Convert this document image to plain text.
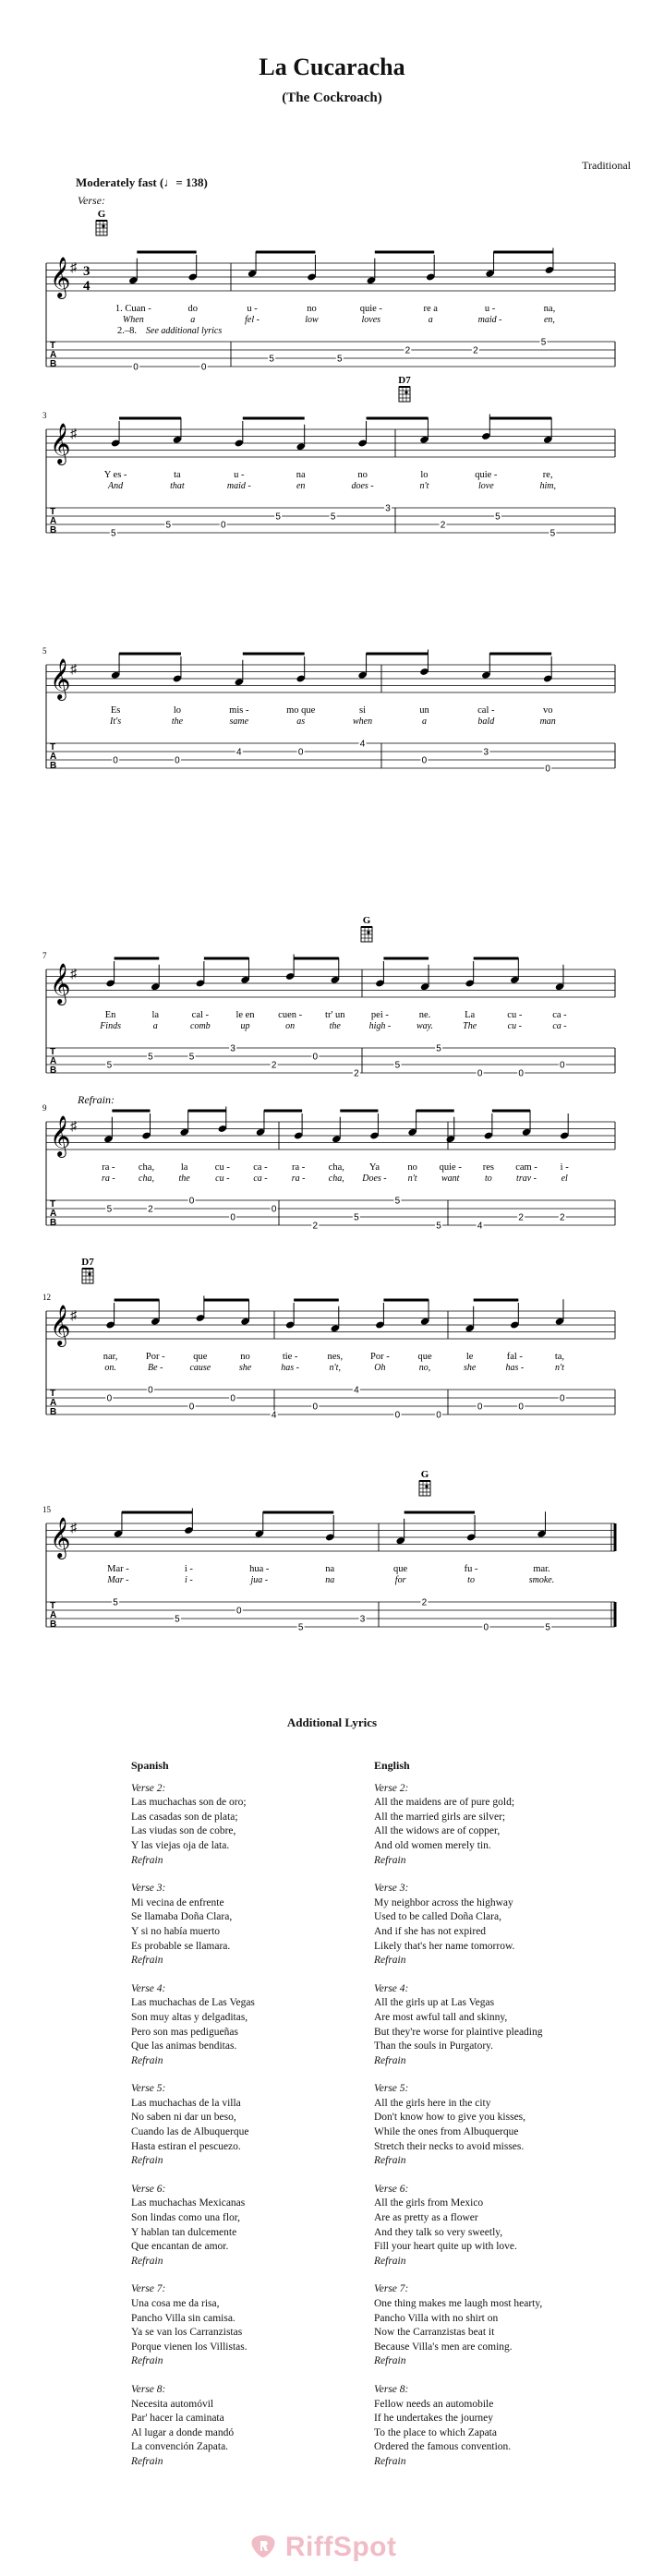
La Cucaracha
(The Cockroach)
Traditional
Moderately fast (♩= 138)
Verse:
𝄞 ♯ 3
4
T
A
B
G
1. Cuan -	do	u -	no	quie -	re a	u -	na,
When	a	fel -	low	loves	a	maid -	en,
2.–8. See additional lyrics
0	0
5	5
2	2
5
𝄞 ♯
T
A
B
3
D7
Y es -	ta	u -	na	no	lo	quie -	re,
And	that	maid -	en	does -	n't	love	him,
5
5	0
5	5
3
2
5
5
𝄞 ♯
T
A
B
5
Es	lo	mis -	mo que	si	un	cal -	vo
It's	the	same	as	when	a	bald	man
0	0
4	0
4
0
3
0
𝄞 ♯
T
A
B
7
G
En	la	cal -	le en cuen - tr' un	pei -	ne.	La	cu -	ca -
Finds	a	comb	up	on	the	high -	way.	The	cu -	ca -
5
5	5
3
2
0
2
5
5
0	0
0
𝄞 ♯
T
A
B
9
ra - cha,	la	cu - ca -	ra - cha,	Ya	no quie - res cam - i -
ra -	cha,	the	cu -	ca -	ra -	cha, Does - n't	want	to	trav -	el
5	2
0
0
0
2
5
5
5	4
2	2
Refrain:
𝄞 ♯
T
A
B
12
D7
nar,	Por -	que	no	tie -	nes,	Por -	que	le	fal -	ta,
on.	Be -	cause	she	has -	n't,	Oh	no,	she	has -	n't
0
0
0
0
4
0
4
0	0
0	0
0
𝄞 ♯
T
A
B
15
G
Mar -	i -	hua -	na	que	fu -	mar.
Mar -	i -	jua -	na	for	to	smoke.
5
5
0
5
3
2
0	5
Additional Lyrics
Spanish
Verse 2:
Las muchachas son de oro;
Las casadas son de plata;
Las viudas son de cobre,
Y las viejas oja de lata.
Refrain
Verse 3:
Mi vecina de enfrente
Se llamaba Doña Clara,
Y si no había muerto
Es probable se llamara.
Refrain
Verse 4:
Las muchachas de Las Vegas
Son muy altas y delgaditas,
Pero son mas pedigueñas
Que las animas benditas.
Refrain
Verse 5:
Las muchachas de la villa
No saben ni dar un beso,
Cuando las de Albuquerque
Hasta estiran el pescuezo.
Refrain
Verse 6:
Las muchachas Mexicanas
Son lindas como una flor,
Y hablan tan dulcemente
Que encantan de amor.
Refrain
Verse 7:
Una cosa me da risa,
Pancho Villa sin camisa.
Ya se van los Carranzistas
Porque vienen los Villistas.
Refrain
Verse 8:
Necesita automóvil
Par' hacer la caminata
Al lugar a donde mandó
La convención Zapata.
Refrain
English
Verse 2:
All the maidens are of pure gold;
All the married girls are silver;
All the widows are of copper,
And old women merely tin.
Refrain
Verse 3:
My neighbor across the highway
Used to be called Doña Clara,
And if she has not expired
Likely that's her name tomorrow.
Refrain
Verse 4:
All the girls up at Las Vegas
Are most awful tall and skinny,
But they're worse for plaintive pleading
Than the souls in Purgatory.
Refrain
Verse 5:
All the girls here in the city
Don't know how to give you kisses,
While the ones from Albuquerque
Stretch their necks to avoid misses.
Refrain
Verse 6:
All the girls from Mexico
Are as pretty as a flower
And they talk so very sweetly,
Fill your heart quite up with love.
Refrain
Verse 7:
One thing makes me laugh most hearty,
Pancho Villa with no shirt on
Now the Carranzistas beat it
Because Villa's men are coming.
Refrain
Verse 8:
Fellow needs an automobile
If he undertakes the journey
To the place to which Zapata
Ordered the famous convention.
Refrain
RiffSpot
